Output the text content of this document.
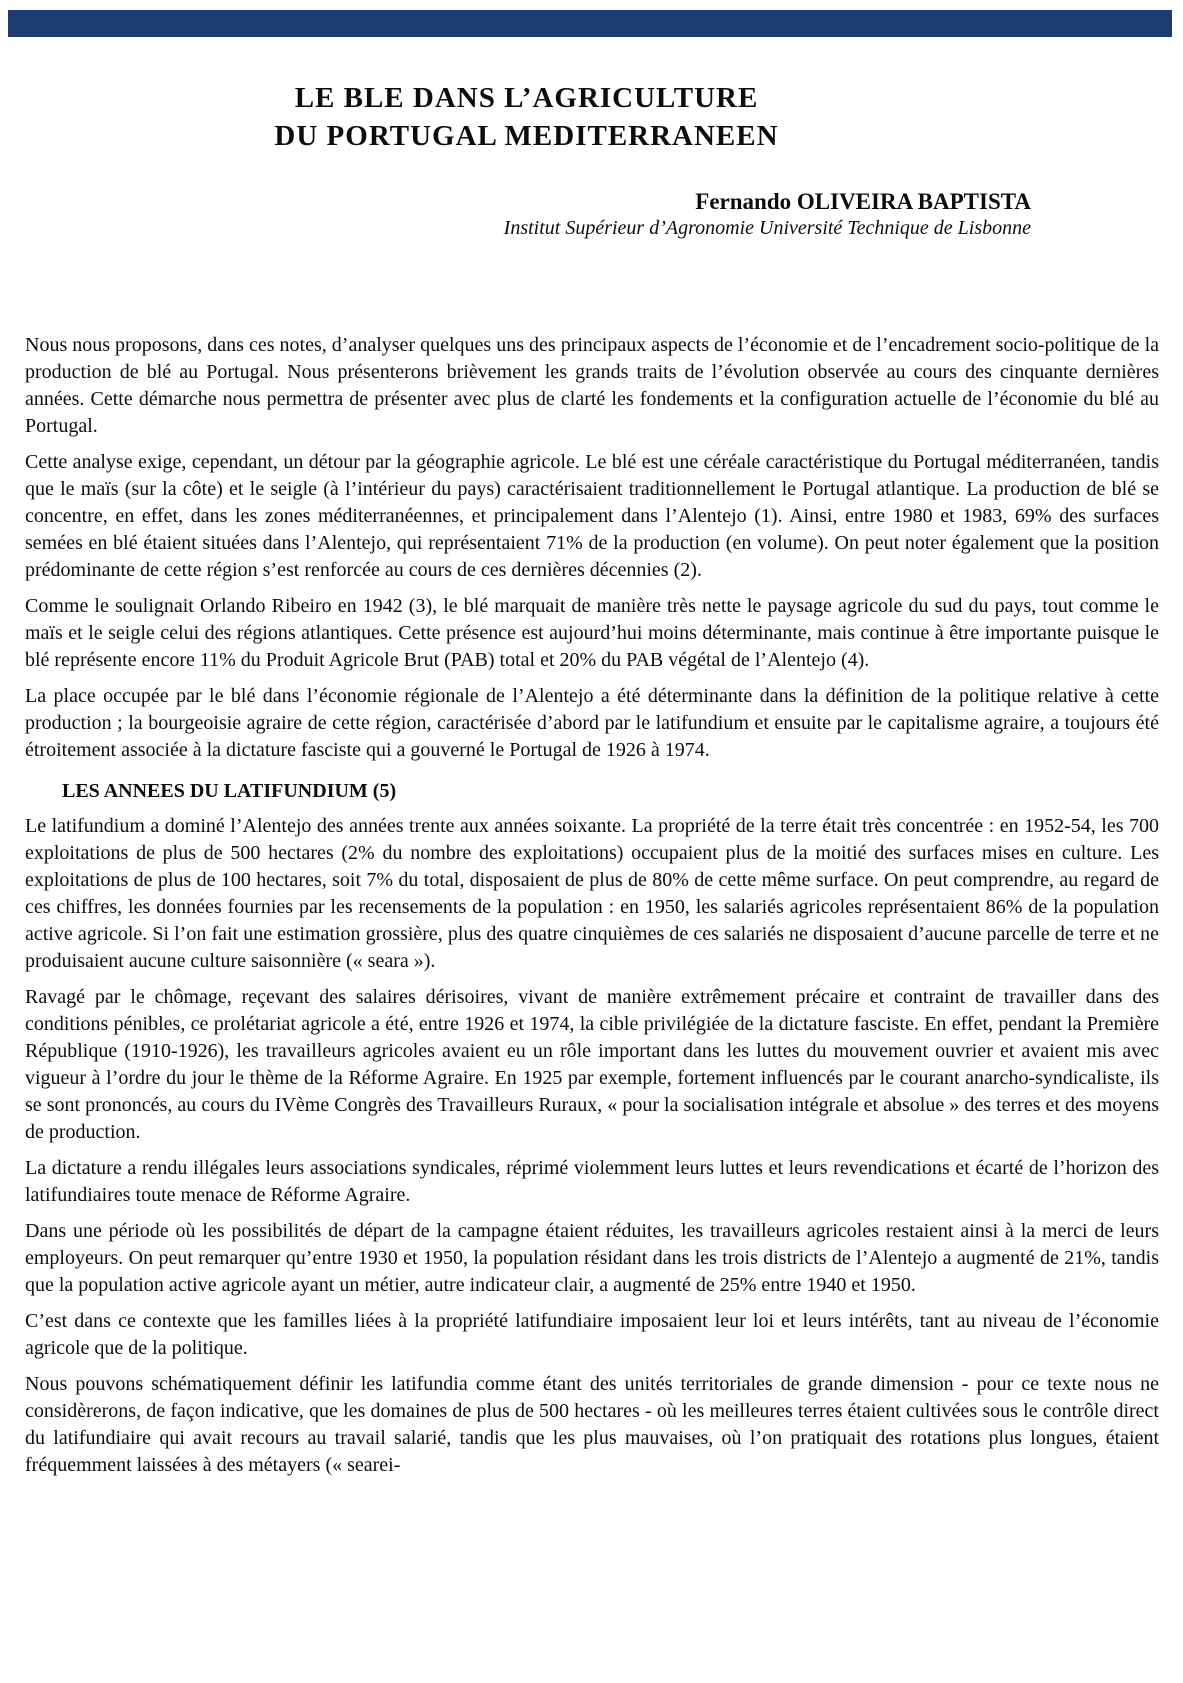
LE BLE DANS L’AGRICULTURE
DU PORTUGAL MEDITERRANEEN
Fernando OLIVEIRA BAPTISTA
Institut Supérieur d’Agronomie Université Technique de Lisbonne

Nous nous proposons, dans ces notes, d’analyser quelques uns des principaux aspects de l’économie et de l’encadrement socio-politique de la production de blé au Portugal. Nous présenterons brièvement les grands traits de l’évolution observée au cours des cinquante dernières années. Cette démarche nous permettra de présenter avec plus de clarté les fondements et la configuration actuelle de l’économie du blé au Portugal.

Cette analyse exige, cependant, un détour par la géographie agricole. Le blé est une céréale caractéristique du Portugal méditerranéen, tandis que le maïs (sur la côte) et le seigle (à l’intérieur du pays) caractérisaient traditionnellement le Portugal atlantique. La production de blé se concentre, en effet, dans les zones méditerranéennes, et principalement dans l’Alentejo (1). Ainsi, entre 1980 et 1983, 69% des surfaces semées en blé étaient situées dans l’Alentejo, qui représentaient 71% de la production (en volume). On peut noter également que la position prédominante de cette région s’est renforcée au cours de ces dernières décennies (2).

Comme le soulignait Orlando Ribeiro en 1942 (3), le blé marquait de manière très nette le paysage agricole du sud du pays, tout comme le maïs et le seigle celui des régions atlantiques. Cette présence est aujourd’hui moins déterminante, mais continue à être importante puisque le blé représente encore 11% du Produit Agricole Brut (PAB) total et 20% du PAB végétal de l’Alentejo (4).

La place occupée par le blé dans l’économie régionale de l’Alentejo a été déterminante dans la définition de la politique relative à cette production ; la bourgeoisie agraire de cette région, caractérisée d’abord par le latifundium et ensuite par le capitalisme agraire, a toujours été étroitement associée à la dictature fasciste qui a gouverné le Portugal de 1926 à 1974.

LES ANNEES DU LATIFUNDIUM (5)

Le latifundium a dominé l’Alentejo des années trente aux années soixante. La propriété de la terre était très concentrée : en 1952-54, les 700 exploitations de plus de 500 hectares (2% du nombre des exploitations) occupaient plus de la moitié des surfaces mises en culture. Les exploitations de plus de 100 hectares, soit 7% du total, disposaient de plus de 80% de cette même surface. On peut comprendre, au regard de ces chiffres, les données fournies par les recensements de la population : en 1950, les salariés agricoles représentaient 86% de la population active agricole. Si l’on fait une estimation grossière, plus des quatre cinquièmes de ces salariés ne disposaient d’aucune parcelle de terre et ne produisaient aucune culture saisonnière (« seara »).

Ravagé par le chômage, reçevant des salaires dérisoires, vivant de manière extrêmement précaire et contraint de travailler dans des conditions pénibles, ce prolétariat agricole a été, entre 1926 et 1974, la cible privilégiée de la dictature fasciste. En effet, pendant la Première République (1910-1926), les travailleurs agricoles avaient eu un rôle important dans les luttes du mouvement ouvrier et avaient mis avec vigueur à l’ordre du jour le thème de la Réforme Agraire. En 1925 par exemple, fortement influencés par le courant anarcho-syndicaliste, ils se sont prononcés, au cours du IVème Congrès des Travailleurs Ruraux, « pour la socialisation intégrale et absolue » des terres et des moyens de production.

La dictature a rendu illégales leurs associations syndicales, réprimé violemment leurs luttes et leurs revendications et écarté de l’horizon des latifundiaires toute menace de Réforme Agraire.

Dans une période où les possibilités de départ de la campagne étaient réduites, les travailleurs agricoles restaient ainsi à la merci de leurs employeurs. On peut remarquer qu’entre 1930 et 1950, la population résidant dans les trois districts de l’Alentejo a augmenté de 21%, tandis que la population active agricole ayant un métier, autre indicateur clair, a augmenté de 25% entre 1940 et 1950.

C’est dans ce contexte que les familles liées à la propriété latifundiaire imposaient leur loi et leurs intérêts, tant au niveau de l’économie agricole que de la politique.

Nous pouvons schématiquement définir les latifundia comme étant des unités territoriales de grande dimension - pour ce texte nous ne considèrerons, de façon indicative, que les domaines de plus de 500 hectares - où les meilleures terres étaient cultivées sous le contrôle direct du latifundiaire qui avait recours au travail salarié, tandis que les plus mauvaises, où l’on pratiquait des rotations plus longues, étaient fréquemment laissées à des métayers (« searei-
